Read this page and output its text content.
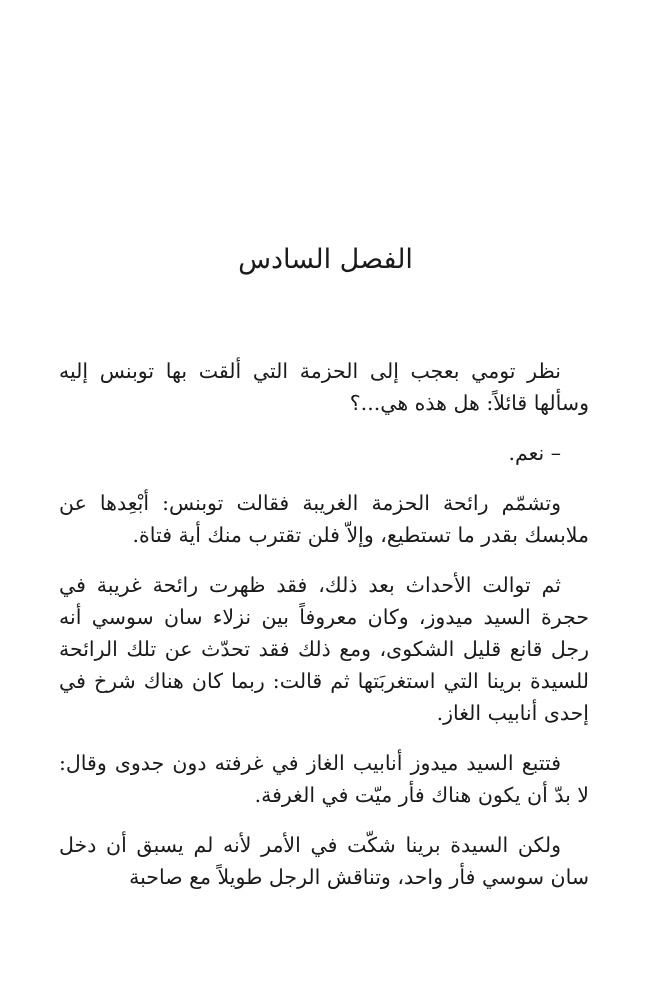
الفصل السادس

نظر تومي بعجب إلى الحزمة التي ألقت بها توبنس إليه وسألها قائلاً: هل هذه هي...؟

– نعم.

وتشمّم رائحة الحزمة الغريبة فقالت توبنس: أبْعِدها عن ملابسك بقدر ما تستطيع، وإلاّ فلن تقترب منك أية فتاة.

ثم توالت الأحداث بعد ذلك، فقد ظهرت رائحة غريبة في حجرة السيد ميدوز، وكان معروفاً بين نزلاء سان سوسي أنه رجل قانع قليل الشكوى، ومع ذلك فقد تحدّث عن تلك الرائحة للسيدة برينا التي استغربَتها ثم قالت: ربما كان هناك شرخ في إحدى أنابيب الغاز.

فتتبع السيد ميدوز أنابيب الغاز في غرفته دون جدوى وقال: لا بدّ أن يكون هناك فأر ميّت في الغرفة.

ولكن السيدة برينا شكّت في الأمر لأنه لم يسبق أن دخل سان سوسي فأر واحد، وتناقش الرجل طويلاً مع صاحبة
